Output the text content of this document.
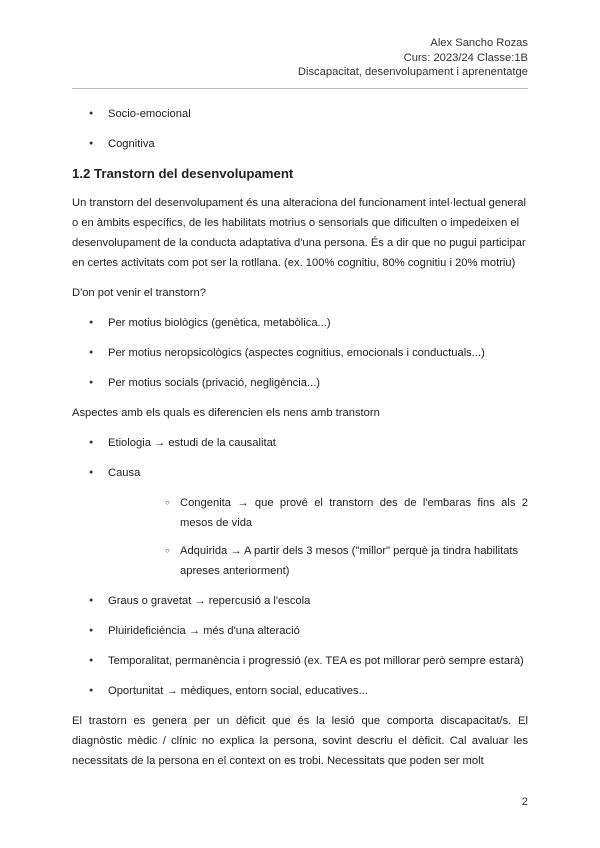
Alex Sancho Rozas
Curs: 2023/24 Classe:1B
Discapacitat, desenvolupament i aprenentatge
● Socio-emocional
● Cognitiva
1.2 Transtorn del desenvolupament

Un transtorn del desenvolupament és una alteraciona del funcionament intel·lectual general o en àmbits específics, de les habilitats motrius o sensorials que dificulten o impedeixen el desenvolupament de la conducta adaptativa d'una persona. És a dir que no pugui participar en certes activitats com pot ser la rotllana. (ex. 100% cognitiu, 80% cognitiu i 20% motriu)

D'on pot venir el transtorn?

● Per motius biològics (genètica, metabòlica...)
● Per motius neropsicològics (aspectes cognitius, emocionals i conductuals...)
● Per motius socials (privació, negligència...)

Aspectes amb els quals es diferencien els nens amb transtorn

● Etiologia → estudi de la causalitat
● Causa
○ Congenita → que prové el transtorn des de l'embaras fins als 2 mesos de vida
○ Adquirida → A partir dels 3 mesos ("millor" perquè ja tindra habilitats apreses anteriorment)
● Graus o gravetat → repercusió a l'escola
● Pluirideficiència → més d'una alteració
● Temporalitat, permanència i progressió (ex. TEA es pot millorar però sempre estarà)
● Oportunitat → mèdiques, entorn social, educatives...

El trastorn es genera per un dèficit que és la lesió que comporta discapacitat/s. El diagnòstic mèdic / clínic no explica la persona, sovint descriu el dèficit. Cal avaluar les necessitats de la persona en el context on es trobi. Necessitats que poden ser molt

2
